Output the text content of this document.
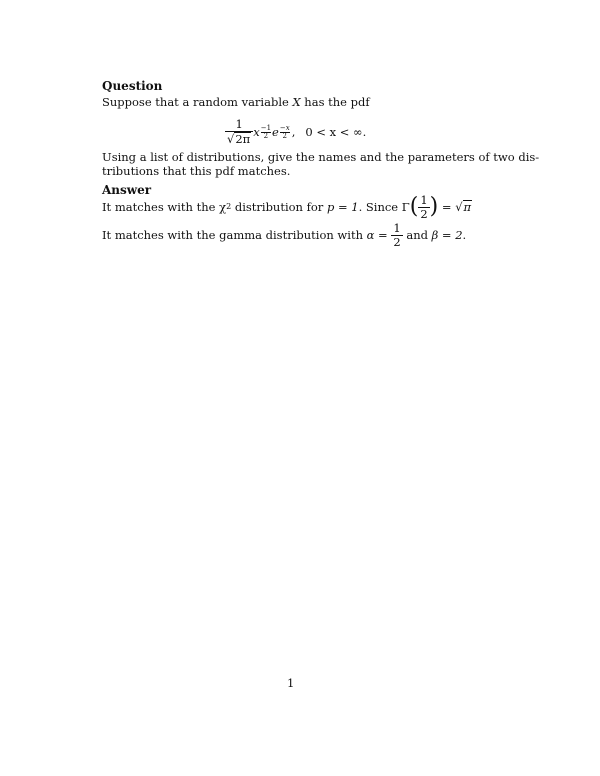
Question
Suppose that a random variable X has the pdf
$\frac{1}{√2\pi}$ x −1
2 e −x
2 , 0 < x < ∞.
Using a list of distributions, give the names and the parameters of two dis-
tributions that this pdf matches.
Answer
It matches with the χ 2 distribution for p = 1 . Since Γ ( $\frac{1}{2}$ ) = √π
It matches with the gamma distribution with $\alpha = \frac{1}{2}$ and β = 2 .
1
